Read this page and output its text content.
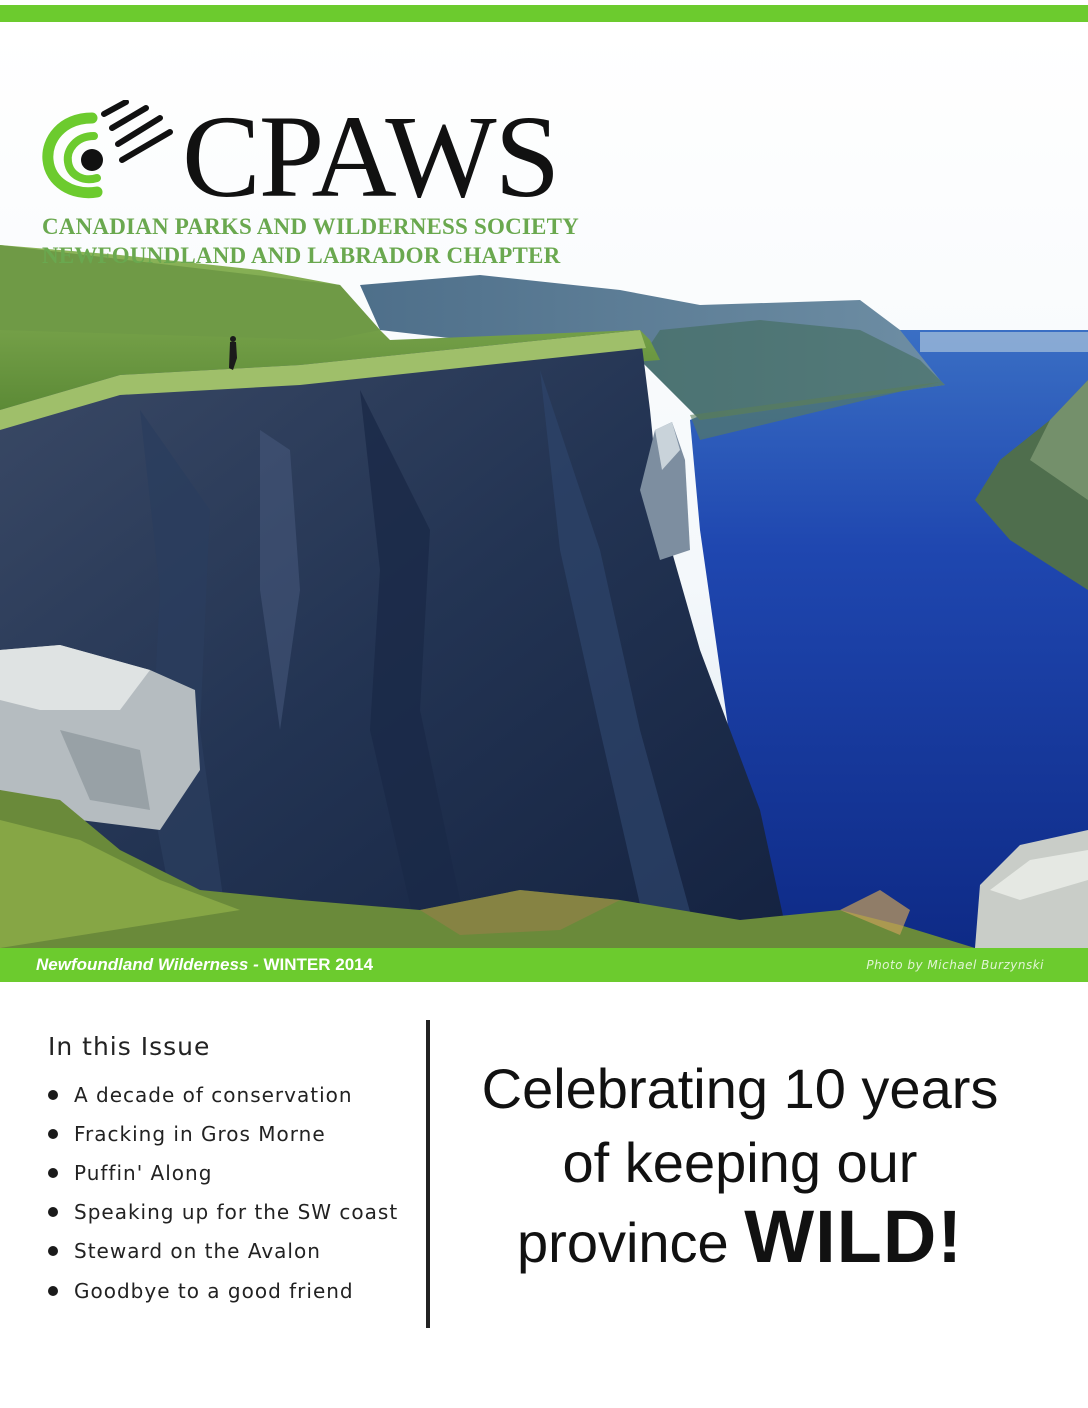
CPAWS
CANADIAN PARKS AND WILDERNESS SOCIETY
NEWFOUNDLAND AND LABRADOR CHAPTER
Newfoundland Wilderness - WINTER 2014	Photo by Michael Burzynski
In this Issue
A decade of conservation
Fracking in Gros Morne
Puffin' Along
Speaking up for the SW coast
Steward on the Avalon
Goodbye to a good friend
Celebrating 10 years
of keeping our
province WILD!
